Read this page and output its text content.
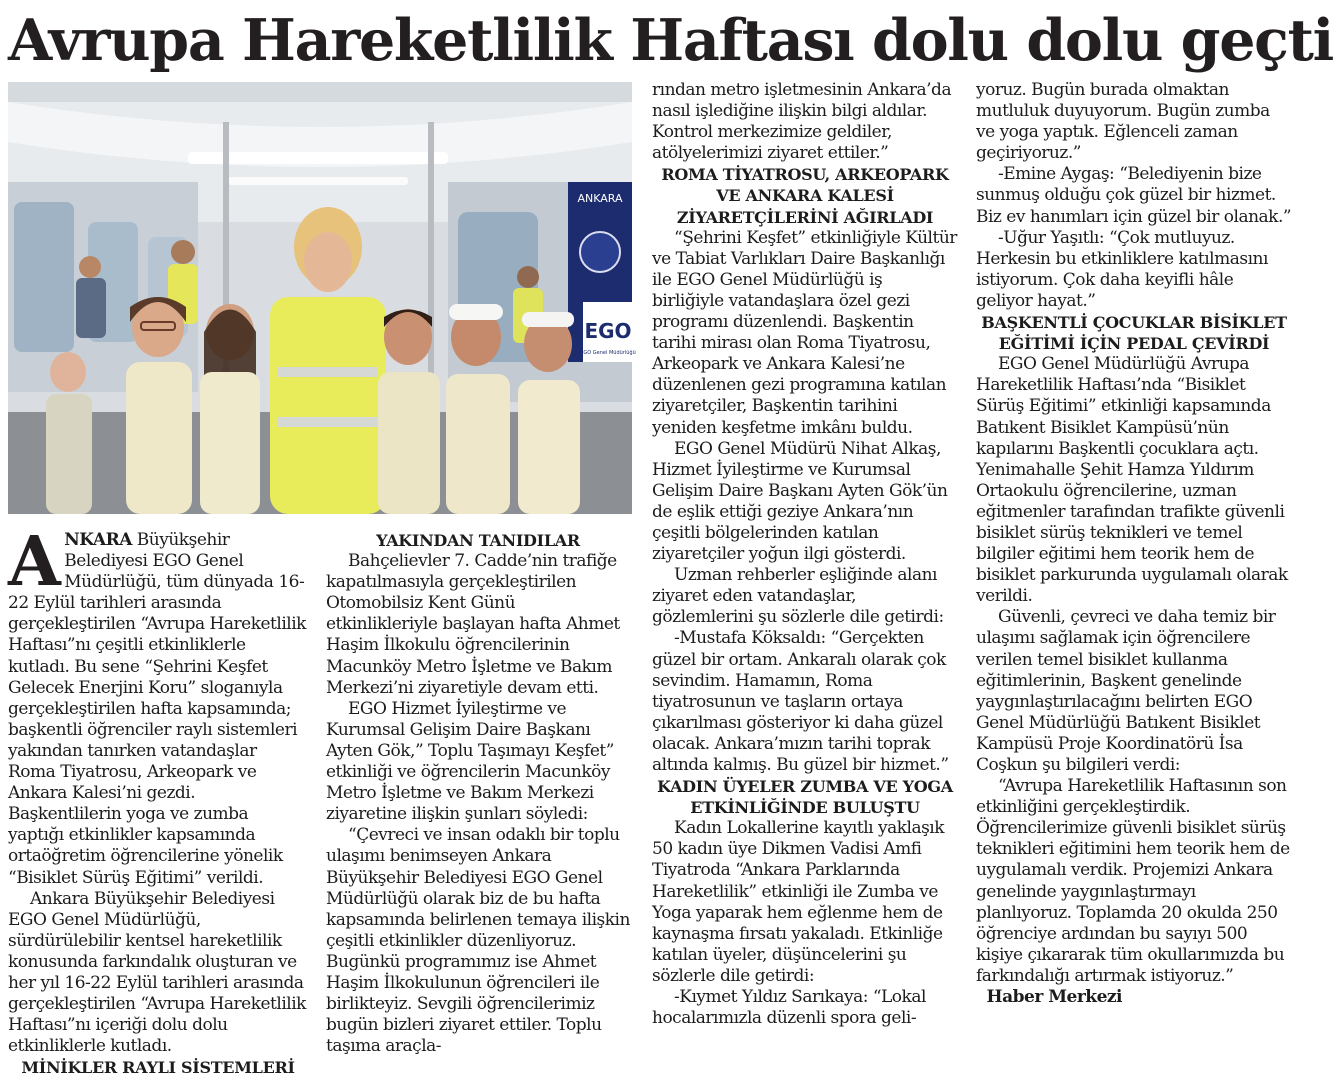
Avrupa Hareketlilik Haftası dolu dolu geçti
ANKARA
EGO
EGO Genel Müdürlüğü

ANKARA Büyükşehir Belediyesi EGO Genel Müdürlüğü, tüm dünyada 16-22 Eylül tarihleri arasında gerçekleştirilen “Avrupa Hareketlilik Haftası”nı çeşitli etkinliklerle kutladı. Bu sene “Şehrini Keşfet Gelecek Enerjini Koru” sloganıyla gerçekleştirilen hafta kapsamında; başkentli öğrenciler raylı sistemleri yakından tanırken vatandaşlar Roma Tiyatrosu, Arkeopark ve Ankara Kalesi’ni gezdi. Başkentlilerin yoga ve zumba yaptığı etkinlikler kapsamında ortaöğretim öğrencilerine yönelik “Bisiklet Sürüş Eğitimi” verildi.

Ankara Büyükşehir Belediyesi EGO Genel Müdürlüğü, sürdürülebilir kentsel hareketlilik konusunda farkındalık oluşturan ve her yıl 16-22 Eylül tarihleri arasında gerçekleştirilen “Avrupa Hareketlilik Haftası”nı içeriği dolu dolu etkinliklerle kutladı.

MİNİKLER RAYLI SİSTEMLERİ
YAKINDAN TANIDILAR

Bahçelievler 7. Cadde’nin trafiğe kapatılmasıyla gerçekleştirilen Otomobilsiz Kent Günü etkinlikleriyle başlayan hafta Ahmet Haşim İlkokulu öğrencilerinin Macunköy Metro İşletme ve Bakım Merkezi’ni ziyaretiyle devam etti.

EGO Hizmet İyileştirme ve Kurumsal Gelişim Daire Başkanı Ayten Gök,” Toplu Taşımayı Keşfet” etkinliği ve öğrencilerin Macunköy Metro İşletme ve Bakım Merkezi ziyaretine ilişkin şunları söyledi:

“Çevreci ve insan odaklı bir toplu ulaşımı benimseyen Ankara Büyükşehir Belediyesi EGO Genel Müdürlüğü olarak biz de bu hafta kapsamında belirlenen temaya ilişkin çeşitli etkinlikler düzenliyoruz. Bugünkü programımız ise Ahmet Haşim İlkokulunun öğrencileri ile birlikteyiz. Sevgili öğrencilerimiz bugün bizleri ziyaret ettiler. Toplu taşıma araçla-

rından metro işletmesinin Ankara’da nasıl işlediğine ilişkin bilgi aldılar. Kontrol merkezimize geldiler, atölyelerimizi ziyaret ettiler.”

ROMA TİYATROSU, ARKEOPARK VE ANKARA KALESİ ZİYARETÇİLERİNİ AĞIRLADI

“Şehrini Keşfet” etkinliğiyle Kültür ve Tabiat Varlıkları Daire Başkanlığı ile EGO Genel Müdürlüğü iş birliğiyle vatandaşlara özel gezi programı düzenlendi. Başkentin tarihi mirası olan Roma Tiyatrosu, Arkeopark ve Ankara Kalesi’ne düzenlenen gezi programına katılan ziyaretçiler, Başkentin tarihini yeniden keşfetme imkânı buldu.

EGO Genel Müdürü Nihat Alkaş, Hizmet İyileştirme ve Kurumsal Gelişim Daire Başkanı Ayten Gök’ün de eşlik ettiği geziye Ankara’nın çeşitli bölgelerinden katılan ziyaretçiler yoğun ilgi gösterdi.

Uzman rehberler eşliğinde alanı ziyaret eden vatandaşlar, gözlemlerini şu sözlerle dile getirdi:

-Mustafa Köksaldı: “Gerçekten güzel bir ortam. Ankaralı olarak çok sevindim. Hamamın, Roma tiyatrosunun ve taşların ortaya çıkarılması gösteriyor ki daha güzel olacak. Ankara’mızın tarihi toprak altında kalmış. Bu güzel bir hizmet.”

KADIN ÜYELER ZUMBA VE YOGA ETKİNLİĞİNDE BULUŞTU

Kadın Lokallerine kayıtlı yaklaşık 50 kadın üye Dikmen Vadisi Amfi Tiyatroda “Ankara Parklarında Hareketlilik” etkinliği ile Zumba ve Yoga yaparak hem eğlenme hem de kaynaşma fırsatı yakaladı. Etkinliğe katılan üyeler, düşüncelerini şu sözlerle dile getirdi:

-Kıymet Yıldız Sarıkaya: “Lokal hocalarımızla düzenli spora geli-

yoruz. Bugün burada olmaktan mutluluk duyuyorum. Bugün zumba ve yoga yaptık. Eğlenceli zaman geçiriyoruz.”

-Emine Aygaş: “Belediyenin bize sunmuş olduğu çok güzel bir hizmet. Biz ev hanımları için güzel bir olanak.”

-Uğur Yaşıtlı: “Çok mutluyuz. Herkesin bu etkinliklere katılmasını istiyorum. Çok daha keyifli hâle geliyor hayat.”

BAŞKENTLİ ÇOCUKLAR BİSİKLET EĞİTİMİ İÇİN PEDAL ÇEVİRDİ

EGO Genel Müdürlüğü Avrupa Hareketlilik Haftası’nda “Bisiklet Sürüş Eğitimi” etkinliği kapsamında Batıkent Bisiklet Kampüsü’nün kapılarını Başkentli çocuklara açtı. Yenimahalle Şehit Hamza Yıldırım Ortaokulu öğrencilerine, uzman eğitmenler tarafından trafikte güvenli bisiklet sürüş teknikleri ve temel bilgiler eğitimi hem teorik hem de bisiklet parkurunda uygulamalı olarak verildi.

Güvenli, çevreci ve daha temiz bir ulaşımı sağlamak için öğrencilere verilen temel bisiklet kullanma eğitimlerinin, Başkent genelinde yaygınlaştırılacağını belirten EGO Genel Müdürlüğü Batıkent Bisiklet Kampüsü Proje Koordinatörü İsa Coşkun şu bilgileri verdi:

“Avrupa Hareketlilik Haftasının son etkinliğini gerçekleştirdik. Öğrencilerimize güvenli bisiklet sürüş teknikleri eğitimini hem teorik hem de uygulamalı verdik. Projemizi Ankara genelinde yaygınlaştırmayı planlıyoruz. Toplamda 20 okulda 250 öğrenciye ardından bu sayıyı 500 kişiye çıkararak tüm okullarımızda bu farkındalığı artırmak istiyoruz.”

Haber Merkezi
